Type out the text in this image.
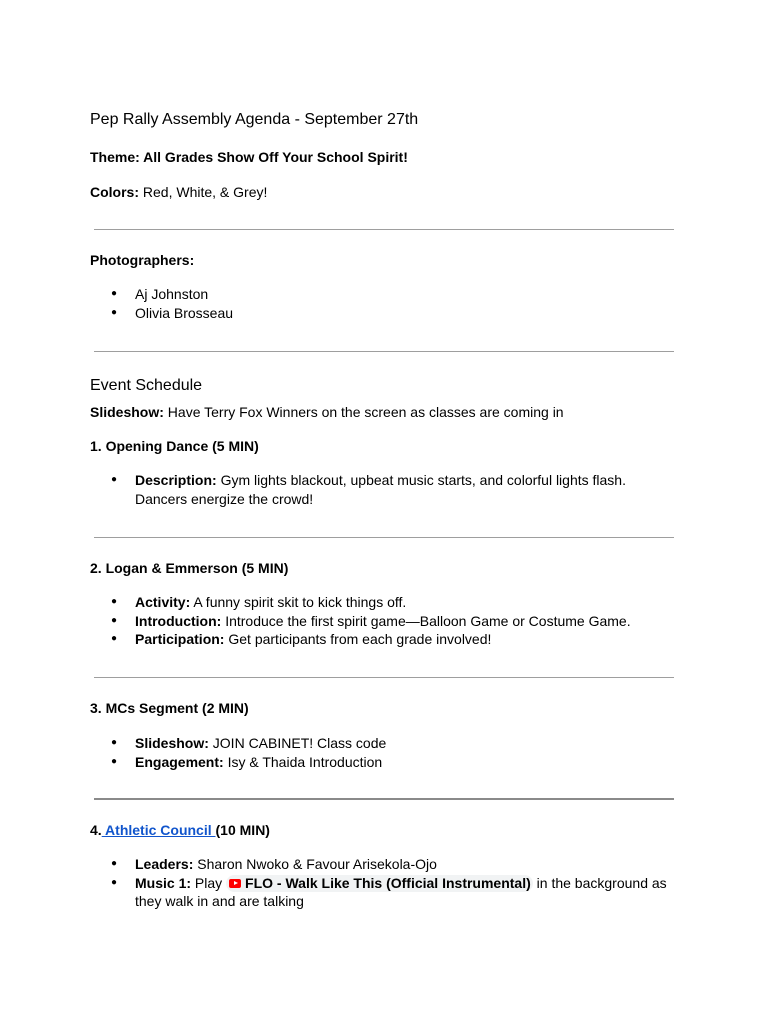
Pep Rally Assembly Agenda - September 27th
Theme: All Grades Show Off Your School Spirit!
Colors: Red, White, & Grey!
Photographers:
● Aj Johnston
● Olivia Brosseau
Event Schedule
Slideshow: Have Terry Fox Winners on the screen as classes are coming in
1. Opening Dance (5 MIN)
● Description: Gym lights blackout, upbeat music starts, and colorful lights flash. Dancers energize the crowd!
2. Logan & Emmerson (5 MIN)
● Activity: A funny spirit skit to kick things off.
● Introduction: Introduce the first spirit game—Balloon Game or Costume Game.
● Participation: Get participants from each grade involved!
3. MCs Segment (2 MIN)
● Slideshow: JOIN CABINET! Class code
● Engagement: Isy & Thaida Introduction
4. Athletic Council (10 MIN)
● Leaders: Sharon Nwoko & Favour Arisekola-Ojo
● Music 1: Play FLO - Walk Like This (Official Instrumental) in the background as they walk in and are talking
